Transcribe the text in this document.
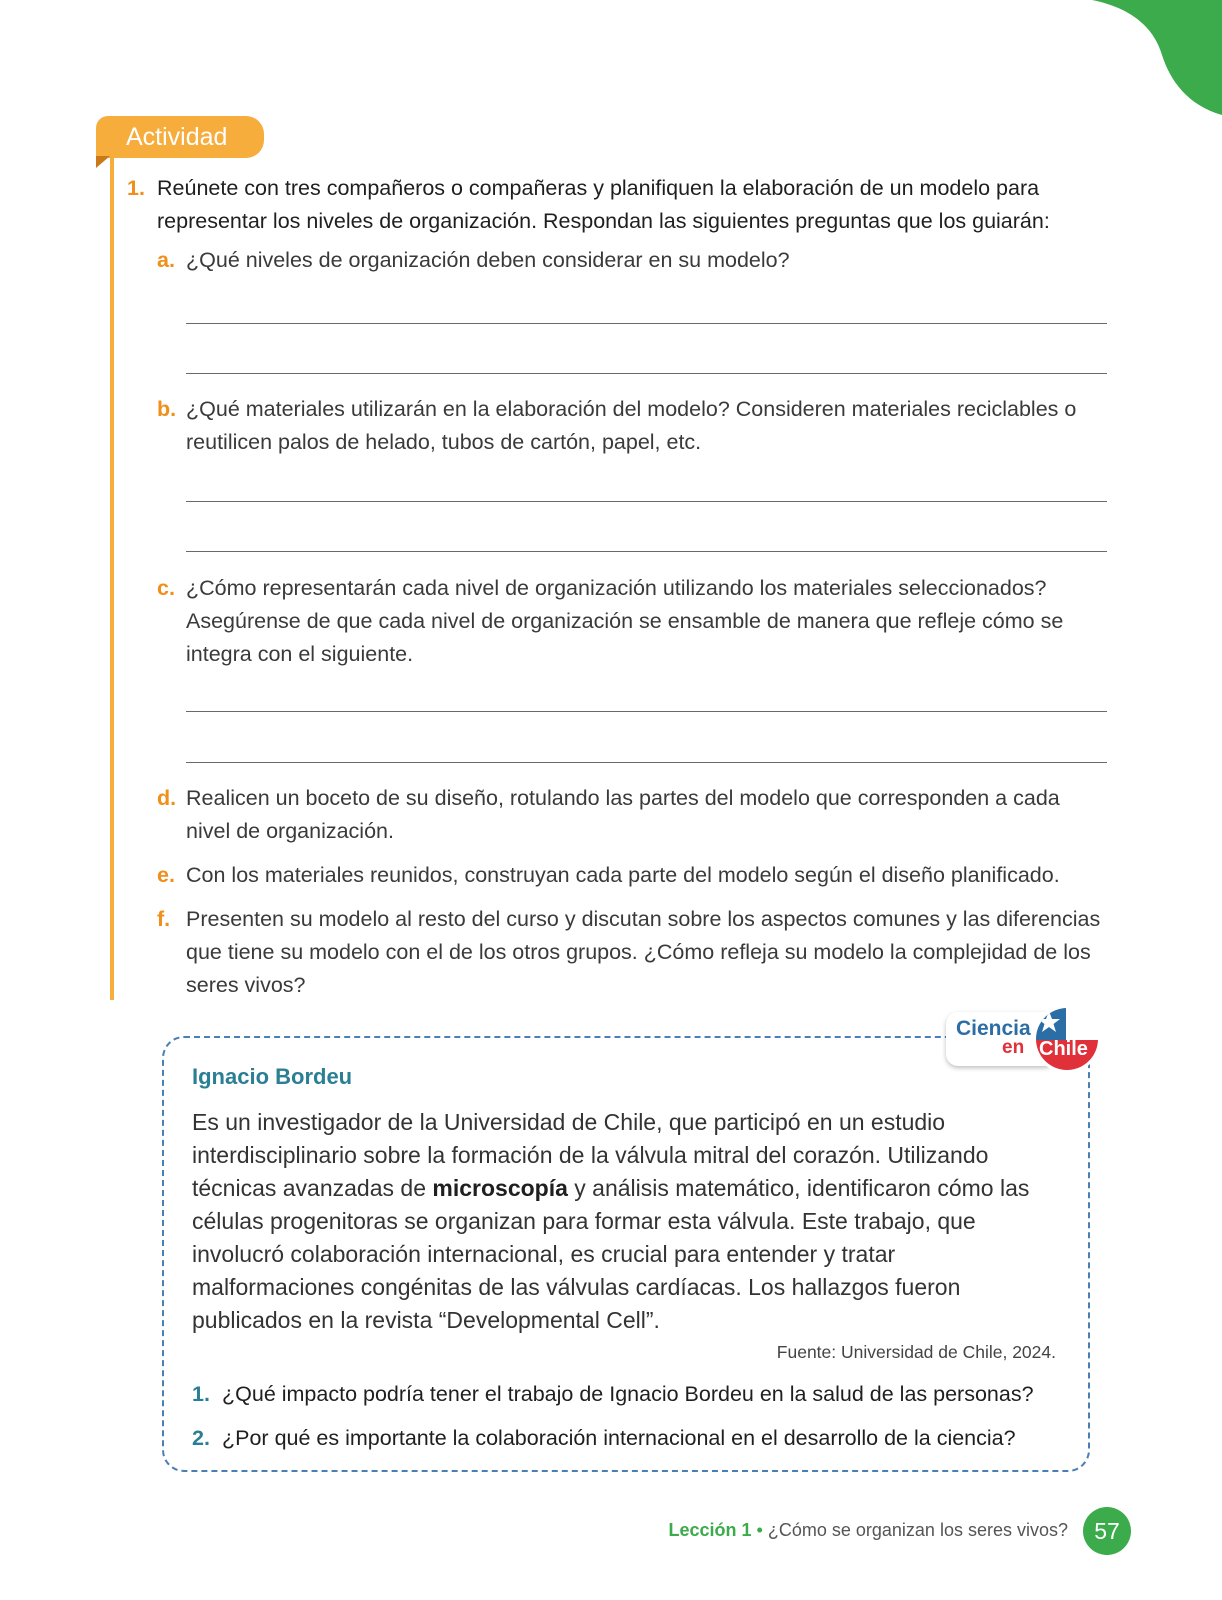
Actividad
1. Reúnete con tres compañeros o compañeras y planifiquen la elaboración de un modelo para representar los niveles de organización. Respondan las siguientes preguntas que los guiarán:
a. ¿Qué niveles de organización deben considerar en su modelo?
b. ¿Qué materiales utilizarán en la elaboración del modelo? Consideren materiales reciclables o reutilicen palos de helado, tubos de cartón, papel, etc.
c. ¿Cómo representarán cada nivel de organización utilizando los materiales seleccionados? Asegúrense de que cada nivel de organización se ensamble de manera que refleje cómo se integra con el siguiente.
d. Realicen un boceto de su diseño, rotulando las partes del modelo que corresponden a cada nivel de organización.
e. Con los materiales reunidos, construyan cada parte del modelo según el diseño planificado.
f. Presenten su modelo al resto del curso y discutan sobre los aspectos comunes y las diferencias que tiene su modelo con el de los otros grupos. ¿Cómo refleja su modelo la complejidad de los seres vivos?
Ciencia
en Chile
Ignacio Bordeu
Es un investigador de la Universidad de Chile, que participó en un estudio interdisciplinario sobre la formación de la válvula mitral del corazón. Utilizando técnicas avanzadas de microscopía y análisis matemático, identificaron cómo las células progenitoras se organizan para formar esta válvula. Este trabajo, que involucró colaboración internacional, es crucial para entender y tratar malformaciones congénitas de las válvulas cardíacas. Los hallazgos fueron publicados en la revista “Developmental Cell”.
Fuente: Universidad de Chile, 2024.
1. ¿Qué impacto podría tener el trabajo de Ignacio Bordeu en la salud de las personas?
2. ¿Por qué es importante la colaboración internacional en el desarrollo de la ciencia?
Lección 1 • ¿Cómo se organizan los seres vivos?	57
